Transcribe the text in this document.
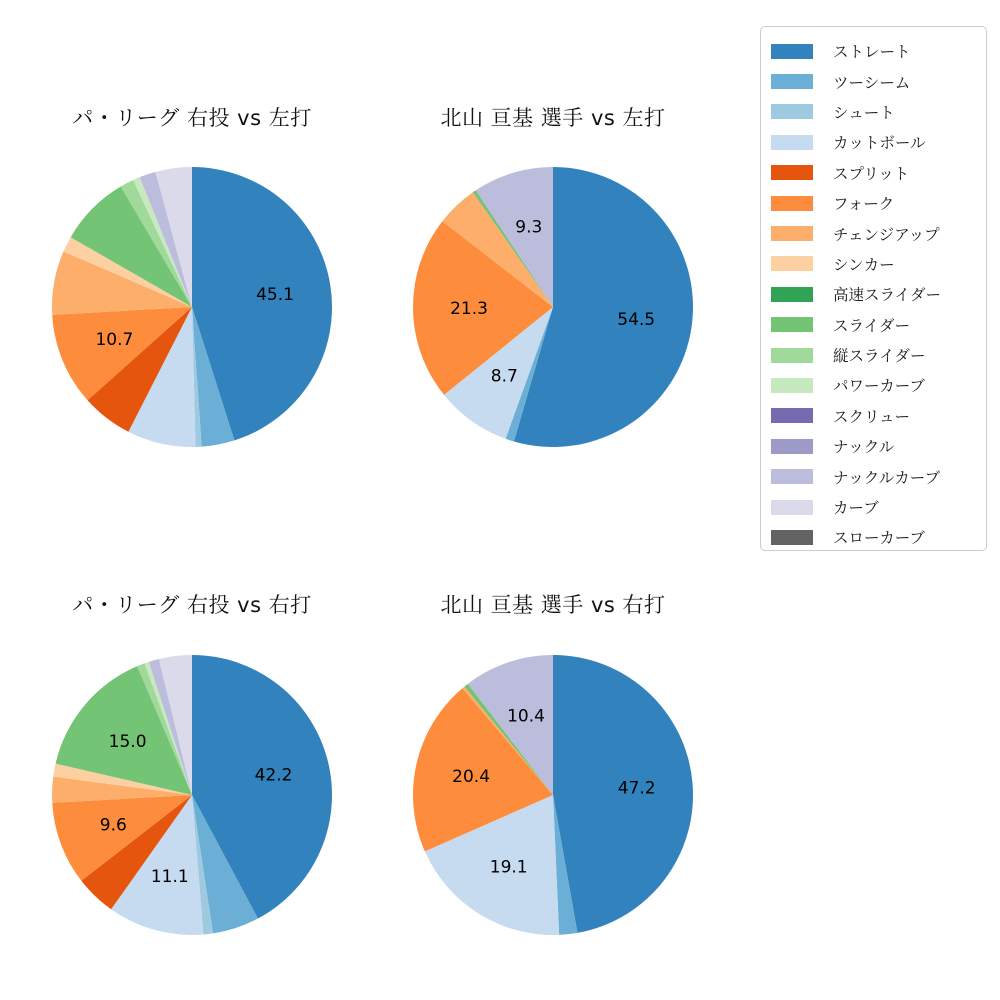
パ・リーグ 右投 vs 左打	北山 亘基 選手 vs 左打
パ・リーグ 右投 vs 右打	北山 亘基 選手 vs 右打
45.1
10.7
54.5
8.7
21.3
9.3
42.2
11.1
9.6
15.0
47.2
19.1
20.4
10.4
ストレート
ツーシーム
シュート
カットボール
スプリット
フォーク
チェンジアップ
シンカー
高速スライダー
スライダー
縦スライダー
パワーカーブ
スクリュー
ナックル
ナックルカーブ
カーブ
スローカーブ
